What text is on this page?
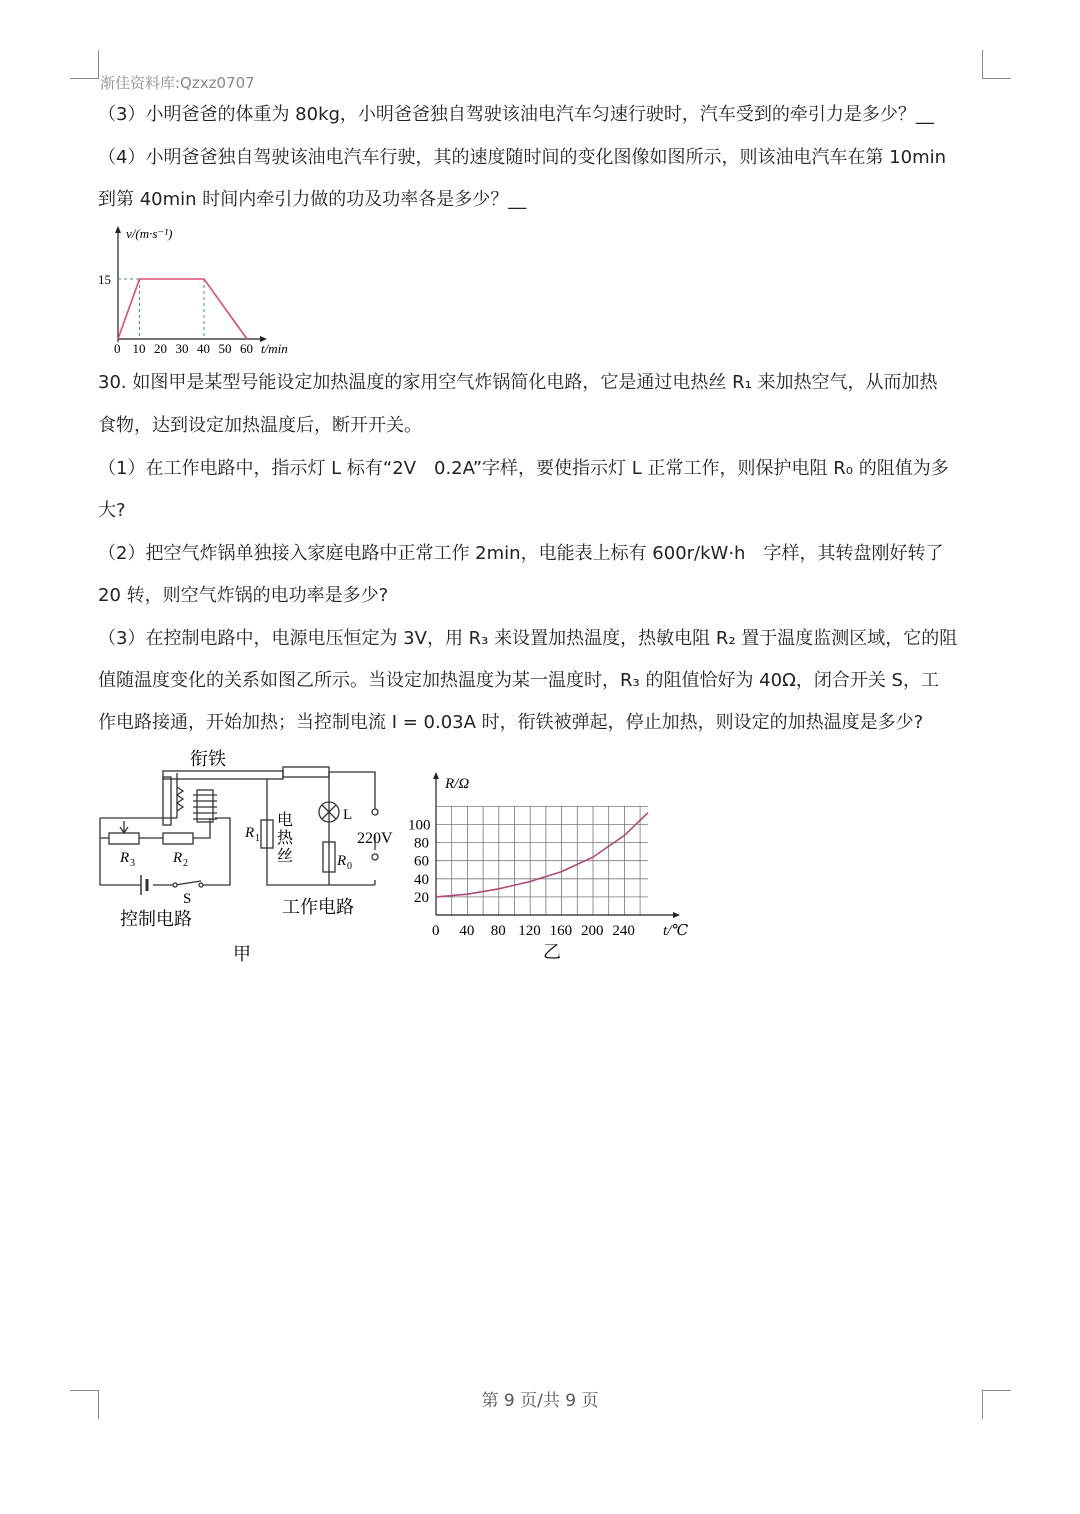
渐佳资料库:Qzxz0707
（3）小明爸爸的体重为 80kg，小明爸爸独自驾驶该油电汽车匀速行驶时，汽车受到的牵引力是多少？__
（4）小明爸爸独自驾驶该油电汽车行驶，其的速度随时间的变化图像如图所示，则该油电汽车在第 10min
到第 40min 时间内牵引力做的功及功率各是多少？__
v/(m·s⁻¹)
15
0 10 20 30 40 50 60 t/min
30. 如图甲是某型号能设定加热温度的家用空气炸锅简化电路，它是通过电热丝 R₁ 来加热空气，从而加热
食物，达到设定加热温度后，断开开关。
（1）在工作电路中，指示灯 L 标有“2V　0.2A”字样，要使指示灯 L 正常工作，则保护电阻 R₀ 的阻值为多
大?
（2）把空气炸锅单独接入家庭电路中正常工作 2min，电能表上标有 600r/kW·h　字样，其转盘刚好转了
20 转，则空气炸锅的电功率是多少?
（3）在控制电路中，电源电压恒定为 3V，用 R₃ 来设置加热温度，热敏电阻 R₂ 置于温度监测区域，它的阻
值随温度变化的关系如图乙所示。当设定加热温度为某一温度时，R₃ 的阻值恰好为 40Ω，闭合开关 S，工
作电路接通，开始加热；当控制电流 I = 0.03A 时，衔铁被弹起，停止加热，则设定的加热温度是多少?
衔铁
R 1
电
热
丝
L
220V
R 0
R 3	R 2
S
控制电路
工作电路
甲
R/Ω
20
40
60
80
100
0 40 80 120 160 200 240 t/℃
乙
第 9 页/共 9 页
